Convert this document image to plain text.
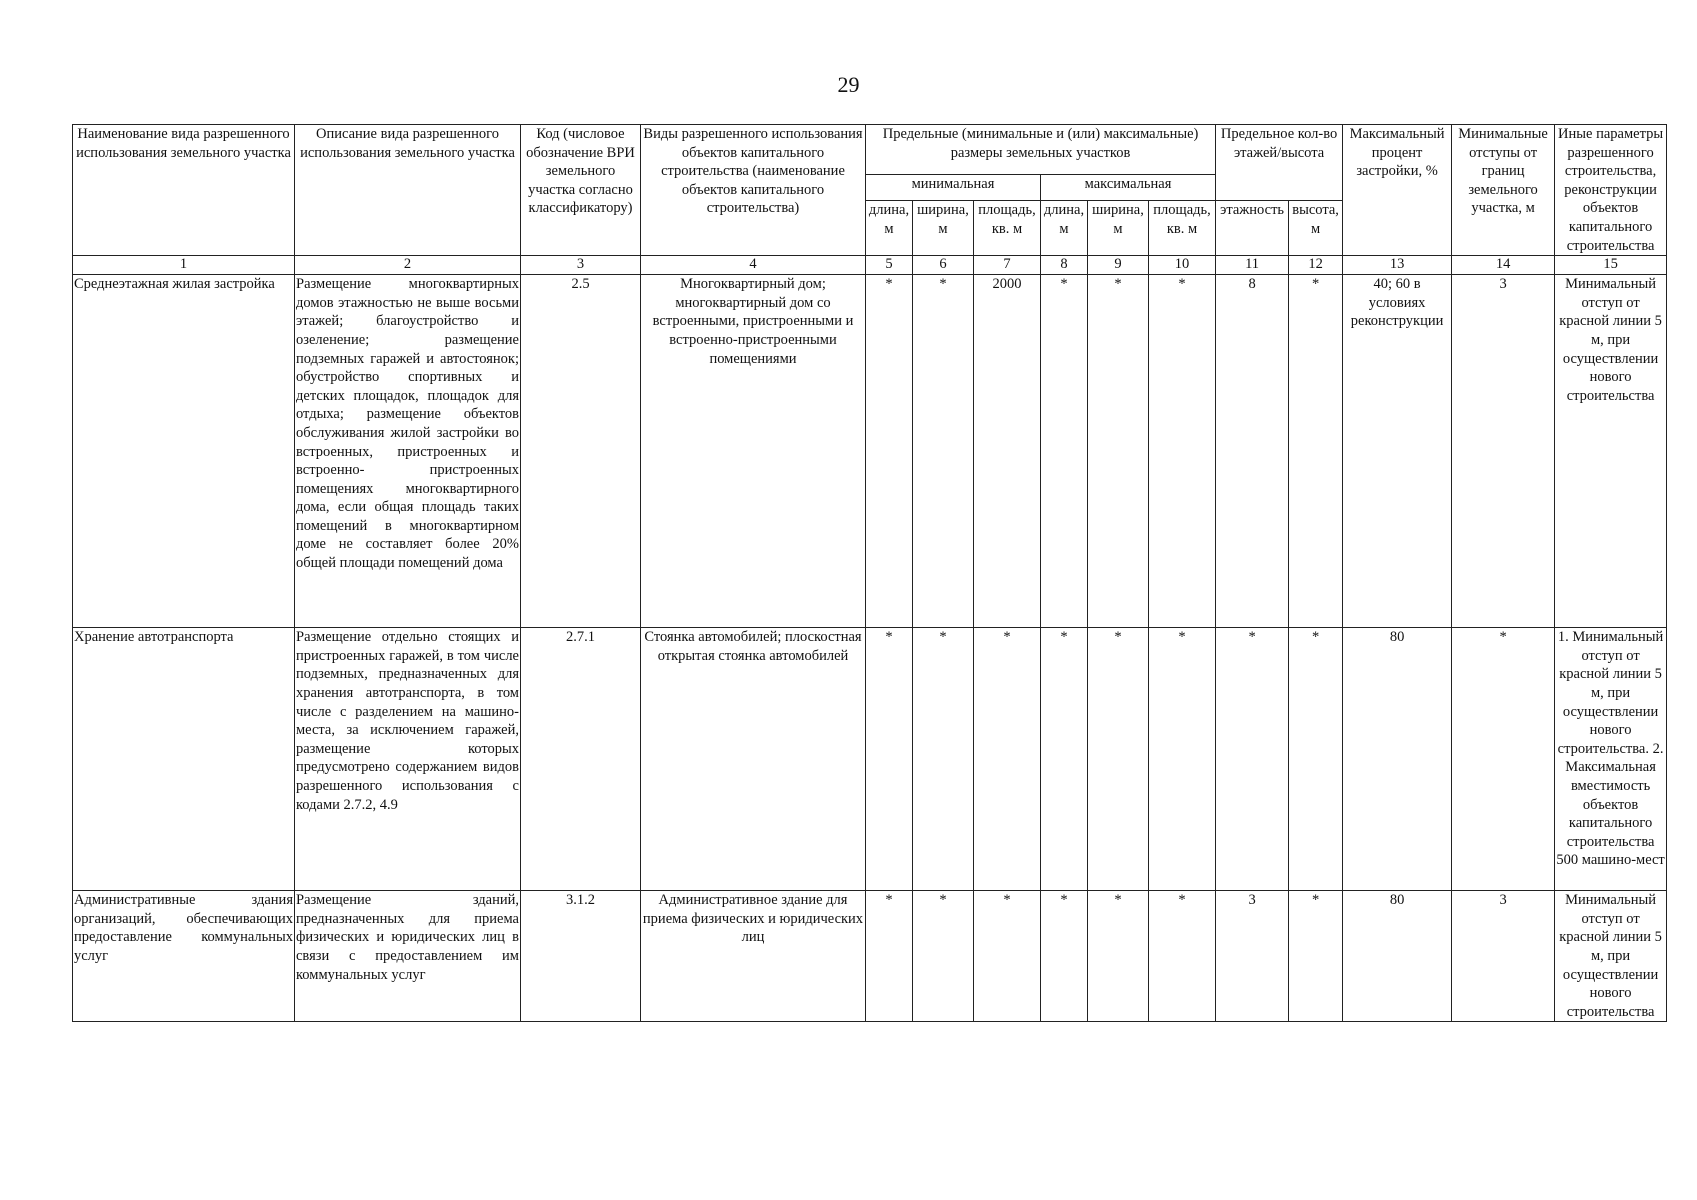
29
Наименование вида разрешенного использования земельного участка	Описание вида разрешенного использования земельного участка	Код (числовое обозначение ВРИ земельного участка согласно классификатору)	Виды разрешенного использования объектов капитального строительства (наименование объектов капитального строительства)	Предельные (минимальные и (или) максимальные) размеры земельных участков						Предельное кол-во этажей/высота		Максимальный процент застройки, %	Минимальные отступы от границ земельного участка, м	Иные параметры разрешенного строительства, реконструкции объектов капитального строительства
				минимальная			максимальная							
				длина, м	ширина, м	площадь, кв. м	длина, м	ширина, м	площадь, кв. м	этажность	высота, м			
1	2	3	4	5	6	7	8	9	10	11	12	13	14	15
Среднеэтажная жилая застройка	Размещение многоквартирных домов этажностью не выше восьми этажей; благоустройство и озеленение; размещение подземных гаражей и автостоянок; обустройство спортивных и детских площадок, площадок для отдыха; размещение объектов обслуживания жилой застройки во встроенных, пристроенных и встроенно- пристроенных помещениях многоквартирного дома, если общая площадь таких помещений в многоквартирном доме не составляет более 20% общей площади помещений дома	2.5	Многоквартирный дом; многоквартирный дом со встроенными, пристроенными и встроенно-пристроенными помещениями	*	*	2000	*	*	*	8	*	40; 60 в условиях реконструкции	3	Минимальный отступ от красной линии 5 м, при осуществлении нового строительства
Хранение автотранспорта	Размещение отдельно стоящих и пристроенных гаражей, в том числе подземных, предназначенных для хранения автотранспорта, в том числе с разделением на машино-места, за исключением гаражей, размещение которых предусмотрено содержанием видов разрешенного использования с кодами 2.7.2, 4.9	2.7.1	Стоянка автомобилей; плоскостная открытая стоянка автомобилей	*	*	*	*	*	*	*	*	80	*	1. Минимальный отступ от красной линии 5 м, при осуществлении нового строительства. 2. Максимальная вместимость объектов капитального строительства 500 машино-мест
Административные здания организаций, обеспечивающих предоставление коммунальных услуг	Размещение зданий, предназначенных для приема физических и юридических лиц в связи с предоставлением им коммунальных услуг	3.1.2	Административное здание для приема физических и юридических лиц	*	*	*	*	*	*	3	*	80	3	Минимальный отступ от красной линии 5 м, при осуществлении нового строительства
